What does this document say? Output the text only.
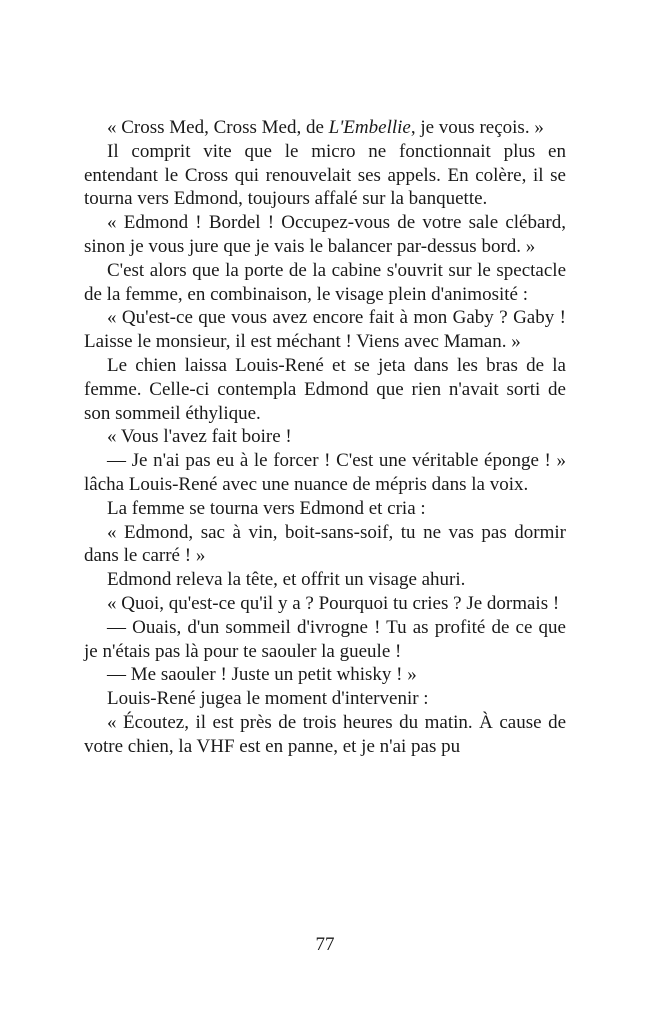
« Cross Med, Cross Med, de L'Embellie, je vous reçois. »

Il comprit vite que le micro ne fonctionnait plus en entendant le Cross qui renouvelait ses appels. En colère, il se tourna vers Edmond, toujours affalé sur la banquette.

« Edmond ! Bordel ! Occupez-vous de votre sale clébard, sinon je vous jure que je vais le balancer par-dessus bord. »

C'est alors que la porte de la cabine s'ouvrit sur le spectacle de la femme, en combinaison, le visage plein d'animosité :

« Qu'est-ce que vous avez encore fait à mon Gaby ? Gaby ! Laisse le monsieur, il est méchant ! Viens avec Maman. »

Le chien laissa Louis-René et se jeta dans les bras de la femme. Celle-ci contempla Edmond que rien n'avait sorti de son sommeil éthylique.

« Vous l'avez fait boire !

— Je n'ai pas eu à le forcer ! C'est une véritable éponge ! » lâcha Louis-René avec une nuance de mépris dans la voix.

La femme se tourna vers Edmond et cria :

« Edmond, sac à vin, boit-sans-soif, tu ne vas pas dormir dans le carré ! »

Edmond releva la tête, et offrit un visage ahuri.

« Quoi, qu'est-ce qu'il y a ? Pourquoi tu cries ? Je dormais !

— Ouais, d'un sommeil d'ivrogne ! Tu as profité de ce que je n'étais pas là pour te saouler la gueule !

— Me saouler ! Juste un petit whisky ! »

Louis-René jugea le moment d'intervenir :

« Écoutez, il est près de trois heures du matin. À cause de votre chien, la VHF est en panne, et je n'ai pas pu

77
